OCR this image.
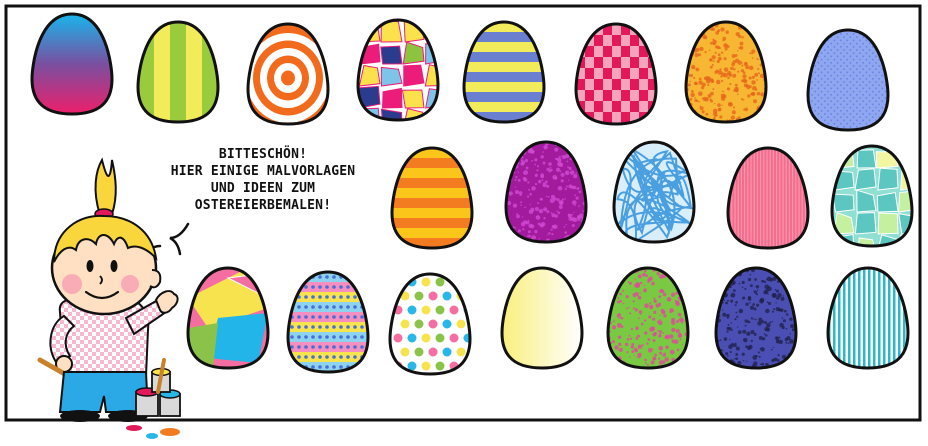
BITTESCHÖN!
HIER EINIGE MALVORLAGEN
UND IDEEN ZUM
OSTEREIERBEMALEN!
